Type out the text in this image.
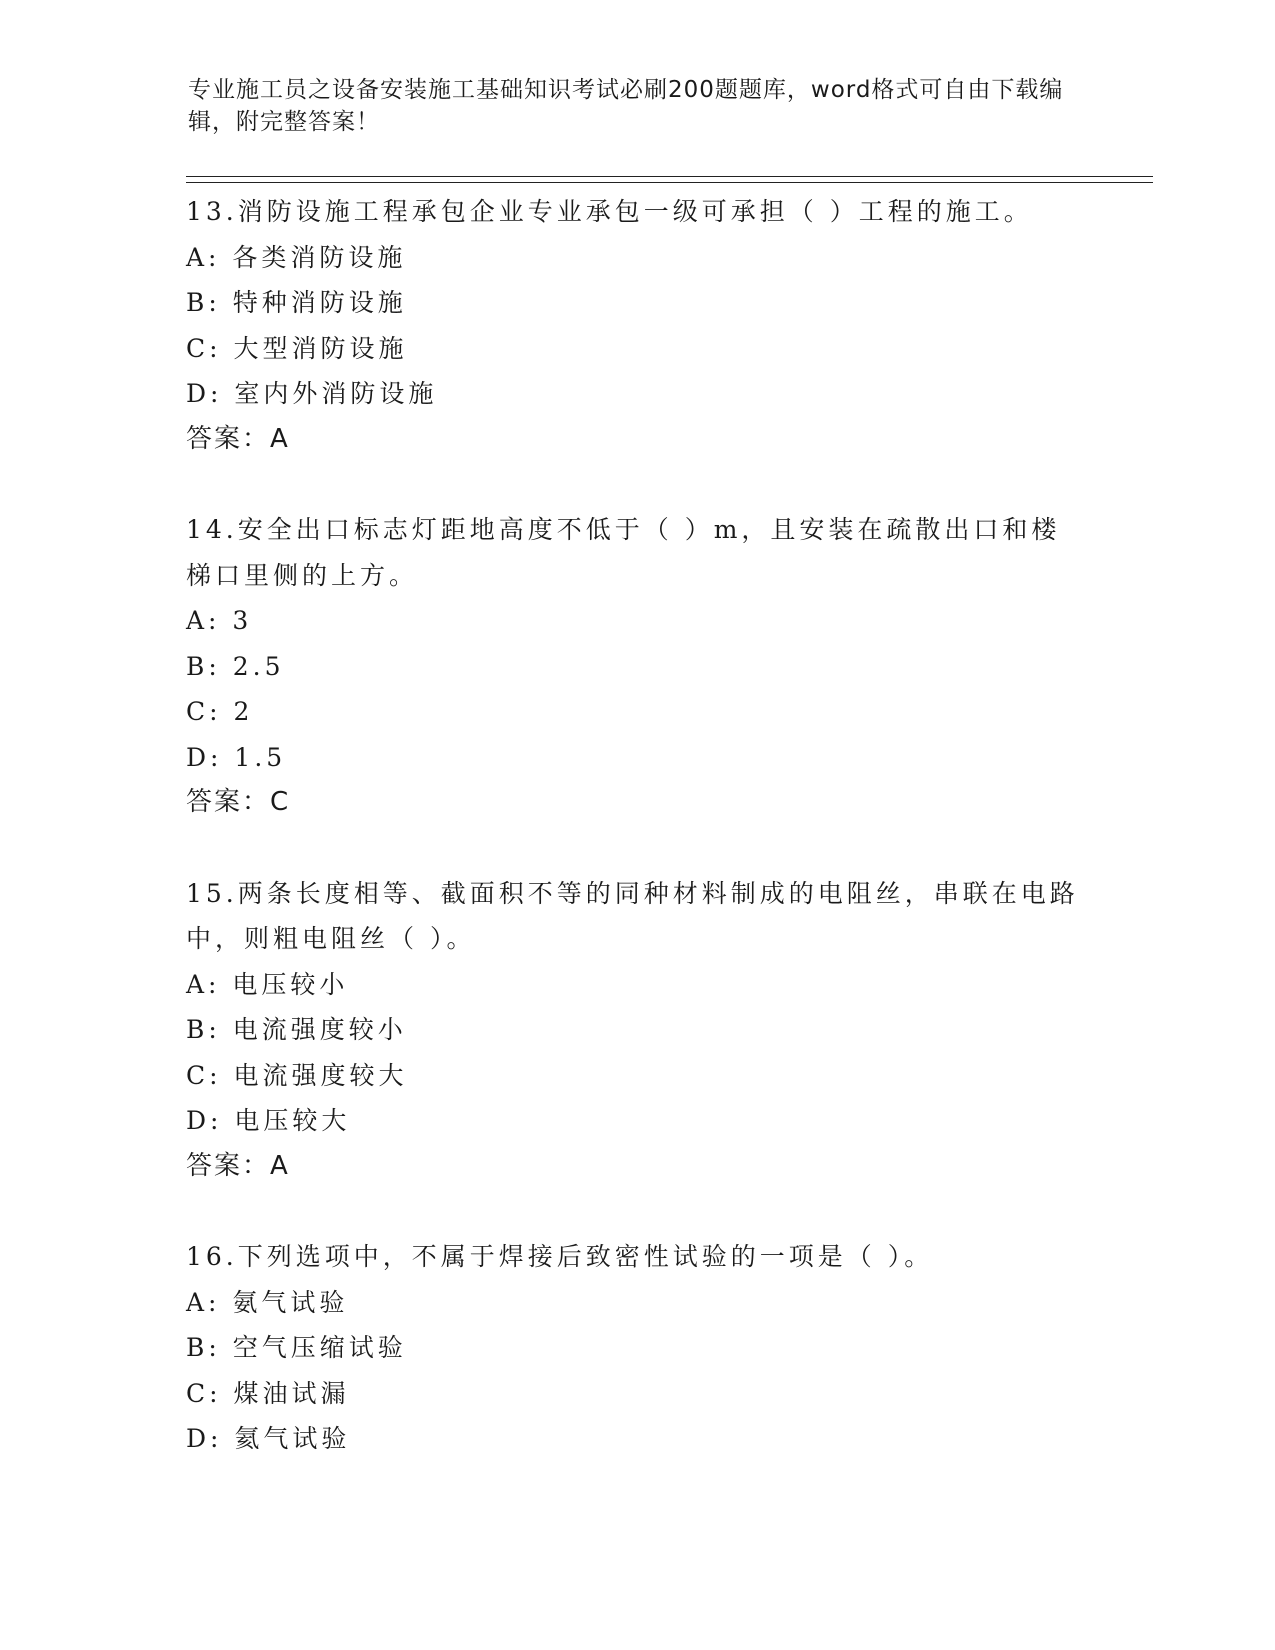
专业施工员之设备安装施工基础知识考试必刷200题题库，word格式可自由下载编辑，附完整答案！

13.消防设施工程承包企业专业承包一级可承担（ ）工程的施工。

A: 各类消防设施

B: 特种消防设施

C: 大型消防设施

D: 室内外消防设施

答案：A

14.安全出口标志灯距地高度不低于（ ）m，且安装在疏散出口和楼梯口里侧的上方。

A: 3

B: 2.5

C: 2

D: 1.5

答案：C

15.两条长度相等、截面积不等的同种材料制成的电阻丝，串联在电路中，则粗电阻丝（ ）。

A: 电压较小

B: 电流强度较小

C: 电流强度较大

D: 电压较大

答案：A

16.下列选项中，不属于焊接后致密性试验的一项是（ ）。

A: 氨气试验

B: 空气压缩试验

C: 煤油试漏

D: 氦气试验
